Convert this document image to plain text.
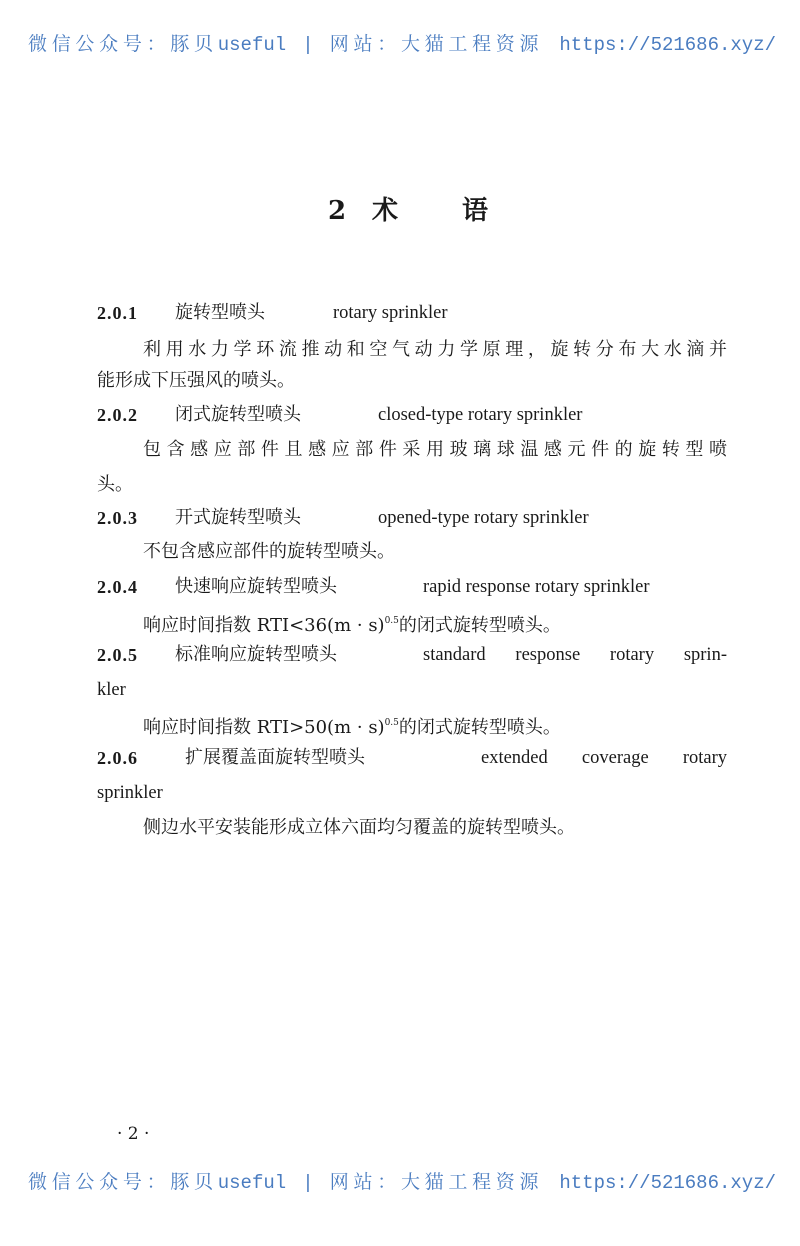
微信公众号：豚贝useful | 网站：大猫工程资源 https://521686.xyz/
2 术 语
2.0.1 旋转型喷头	rotary sprinkler
利用水力学环流推动和空气动力学原理，旋转分布大水滴并
能形成下压强风的喷头。
2.0.2 闭式旋转型喷头	closed-type rotary sprinkler
包含感应部件且感应部件采用玻璃球温感元件的旋转型喷
头。
2.0.3 开式旋转型喷头	opened-type rotary sprinkler
不包含感应部件的旋转型喷头。
2.0.4 快速响应旋转型喷头	rapid response rotary sprinkler
响应时间指数 $RTI<36(m \cdot s)^{0.5}$的闭式旋转型喷头。
2.0.5 标准响应旋转型喷头	standard response rotary sprin-
kler
响应时间指数 $RTI>50(m \cdot s)^{0.5}$的闭式旋转型喷头。
2.0.6	扩展覆盖面旋转型喷头	extended coverage rotary
sprinkler
侧边水平安装能形成立体六面均匀覆盖的旋转型喷头。
· 2 ·
微信公众号：豚贝useful | 网站：大猫工程资源 https://521686.xyz/
